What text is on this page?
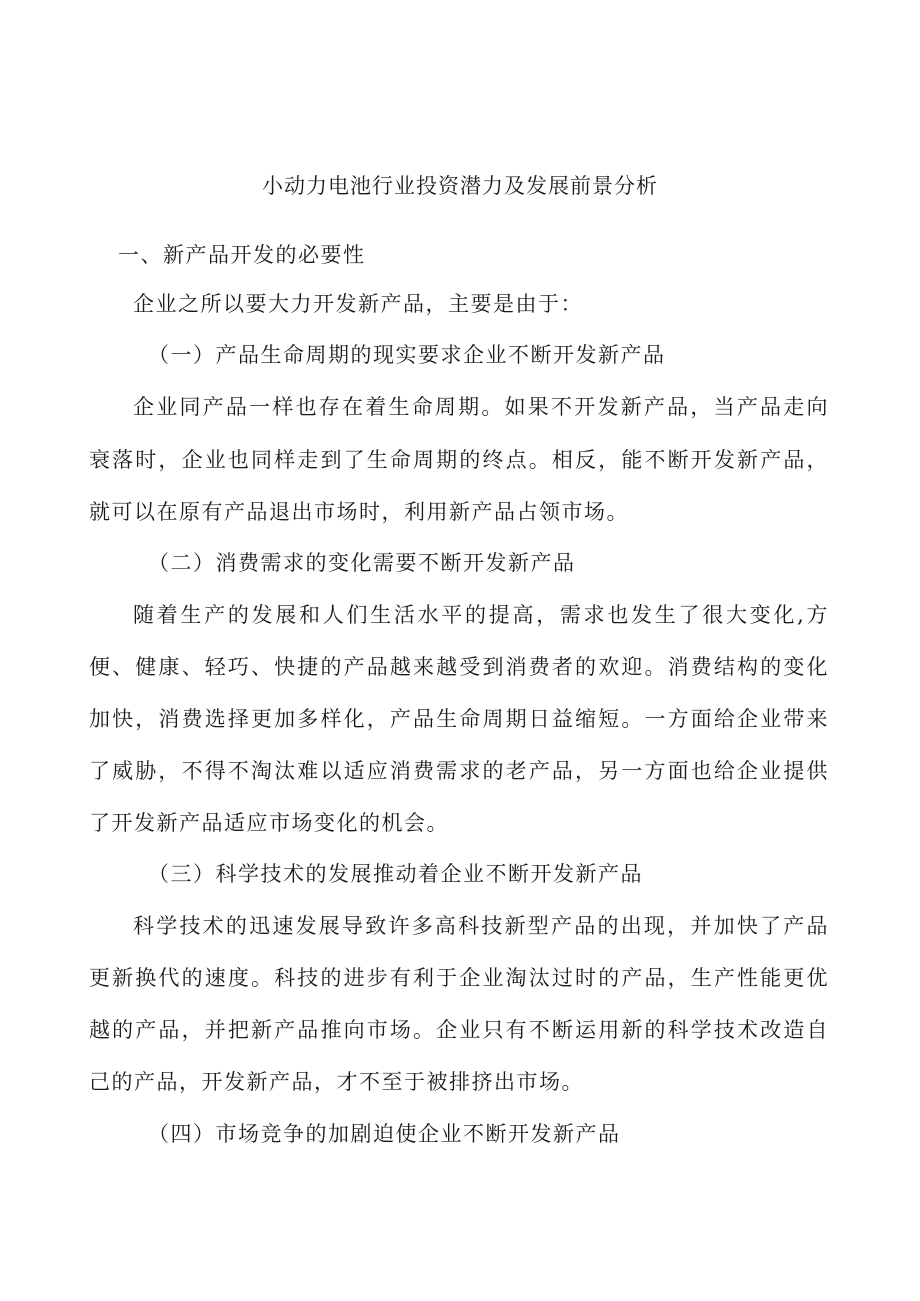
小动力电池行业投资潜力及发展前景分析
一、新产品开发的必要性
企业之所以要大力开发新产品，主要是由于：
（一）产品生命周期的现实要求企业不断开发新产品
企业同产品一样也存在着生命周期。如果不开发新产品，当产品走向
衰落时，企业也同样走到了生命周期的终点。相反，能不断开发新产品，
就可以在原有产品退出市场时，利用新产品占领市场。
（二）消费需求的变化需要不断开发新产品
随着生产的发展和人们生活水平的提高，需求也发生了很大变化,方
便、健康、轻巧、快捷的产品越来越受到消费者的欢迎。消费结构的变化
加快，消费选择更加多样化，产品生命周期日益缩短。一方面给企业带来
了威胁，不得不淘汰难以适应消费需求的老产品，另一方面也给企业提供
了开发新产品适应市场变化的机会。
（三）科学技术的发展推动着企业不断开发新产品
科学技术的迅速发展导致许多高科技新型产品的出现，并加快了产品
更新换代的速度。科技的进步有利于企业淘汰过时的产品，生产性能更优
越的产品，并把新产品推向市场。企业只有不断运用新的科学技术改造自
己的产品，开发新产品，才不至于被排挤出市场。
（四）市场竞争的加剧迫使企业不断开发新产品
